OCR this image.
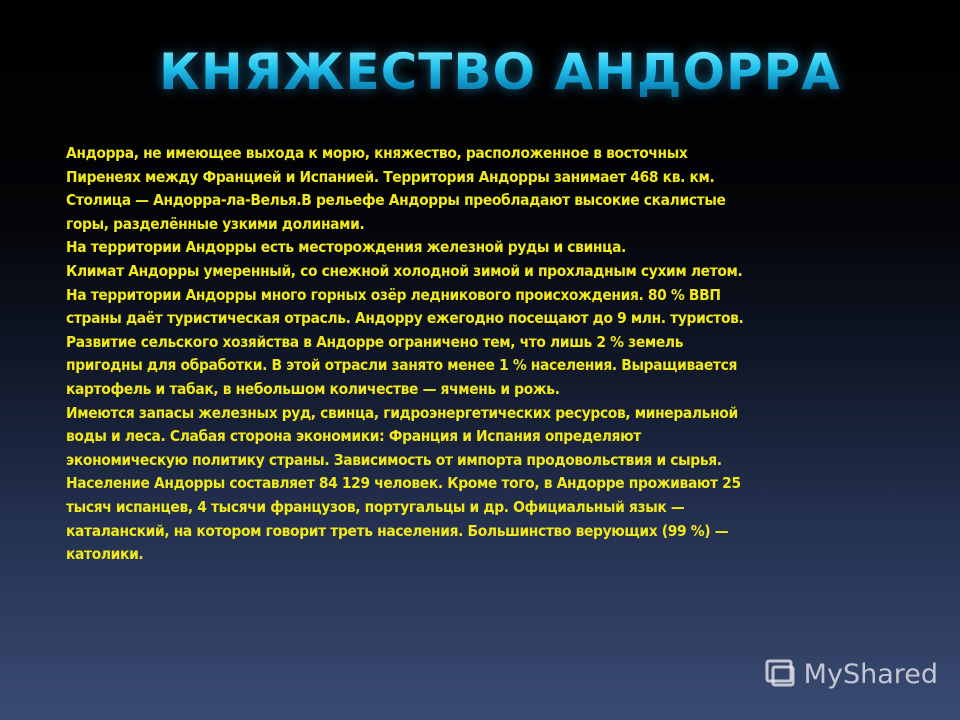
КНЯЖЕСТВО АНДОРРА

Андорра, не имеющее выхода к морю, княжество, расположенное в восточных

Пиренеях между Францией и Испанией. Территория Андорры занимает 468 кв. км.

Столица — Андорра-ла-Велья.В рельефе Андорры преобладают высокие скалистые

горы, разделённые узкими долинами.

На территории Андорры есть месторождения железной руды и свинца.

Климат Андорры умеренный, со снежной холодной зимой и прохладным сухим летом.

На территории Андорры много горных озёр ледникового происхождения. 80 % ВВП

страны даёт туристическая отрасль. Андорру ежегодно посещают до 9 млн. туристов.

Развитие сельского хозяйства в Андорре ограничено тем, что лишь 2 % земель

пригодны для обработки. В этой отрасли занято менее 1 % населения. Выращивается

картофель и табак, в небольшом количестве — ячмень и рожь.

Имеются запасы железных руд, свинца, гидроэнергетических ресурсов, минеральной

воды и леса. Слабая сторона экономики: Франция и Испания определяют

экономическую политику страны. Зависимость от импорта продовольствия и сырья.

Население Андорры составляет 84 129 человек. Кроме того, в Андорре проживают 25

тысяч испанцев, 4 тысячи французов, португальцы и др. Официальный язык —

каталанский, на котором говорит треть населения. Большинство верующих (99 %) —

католики.

MyShared
